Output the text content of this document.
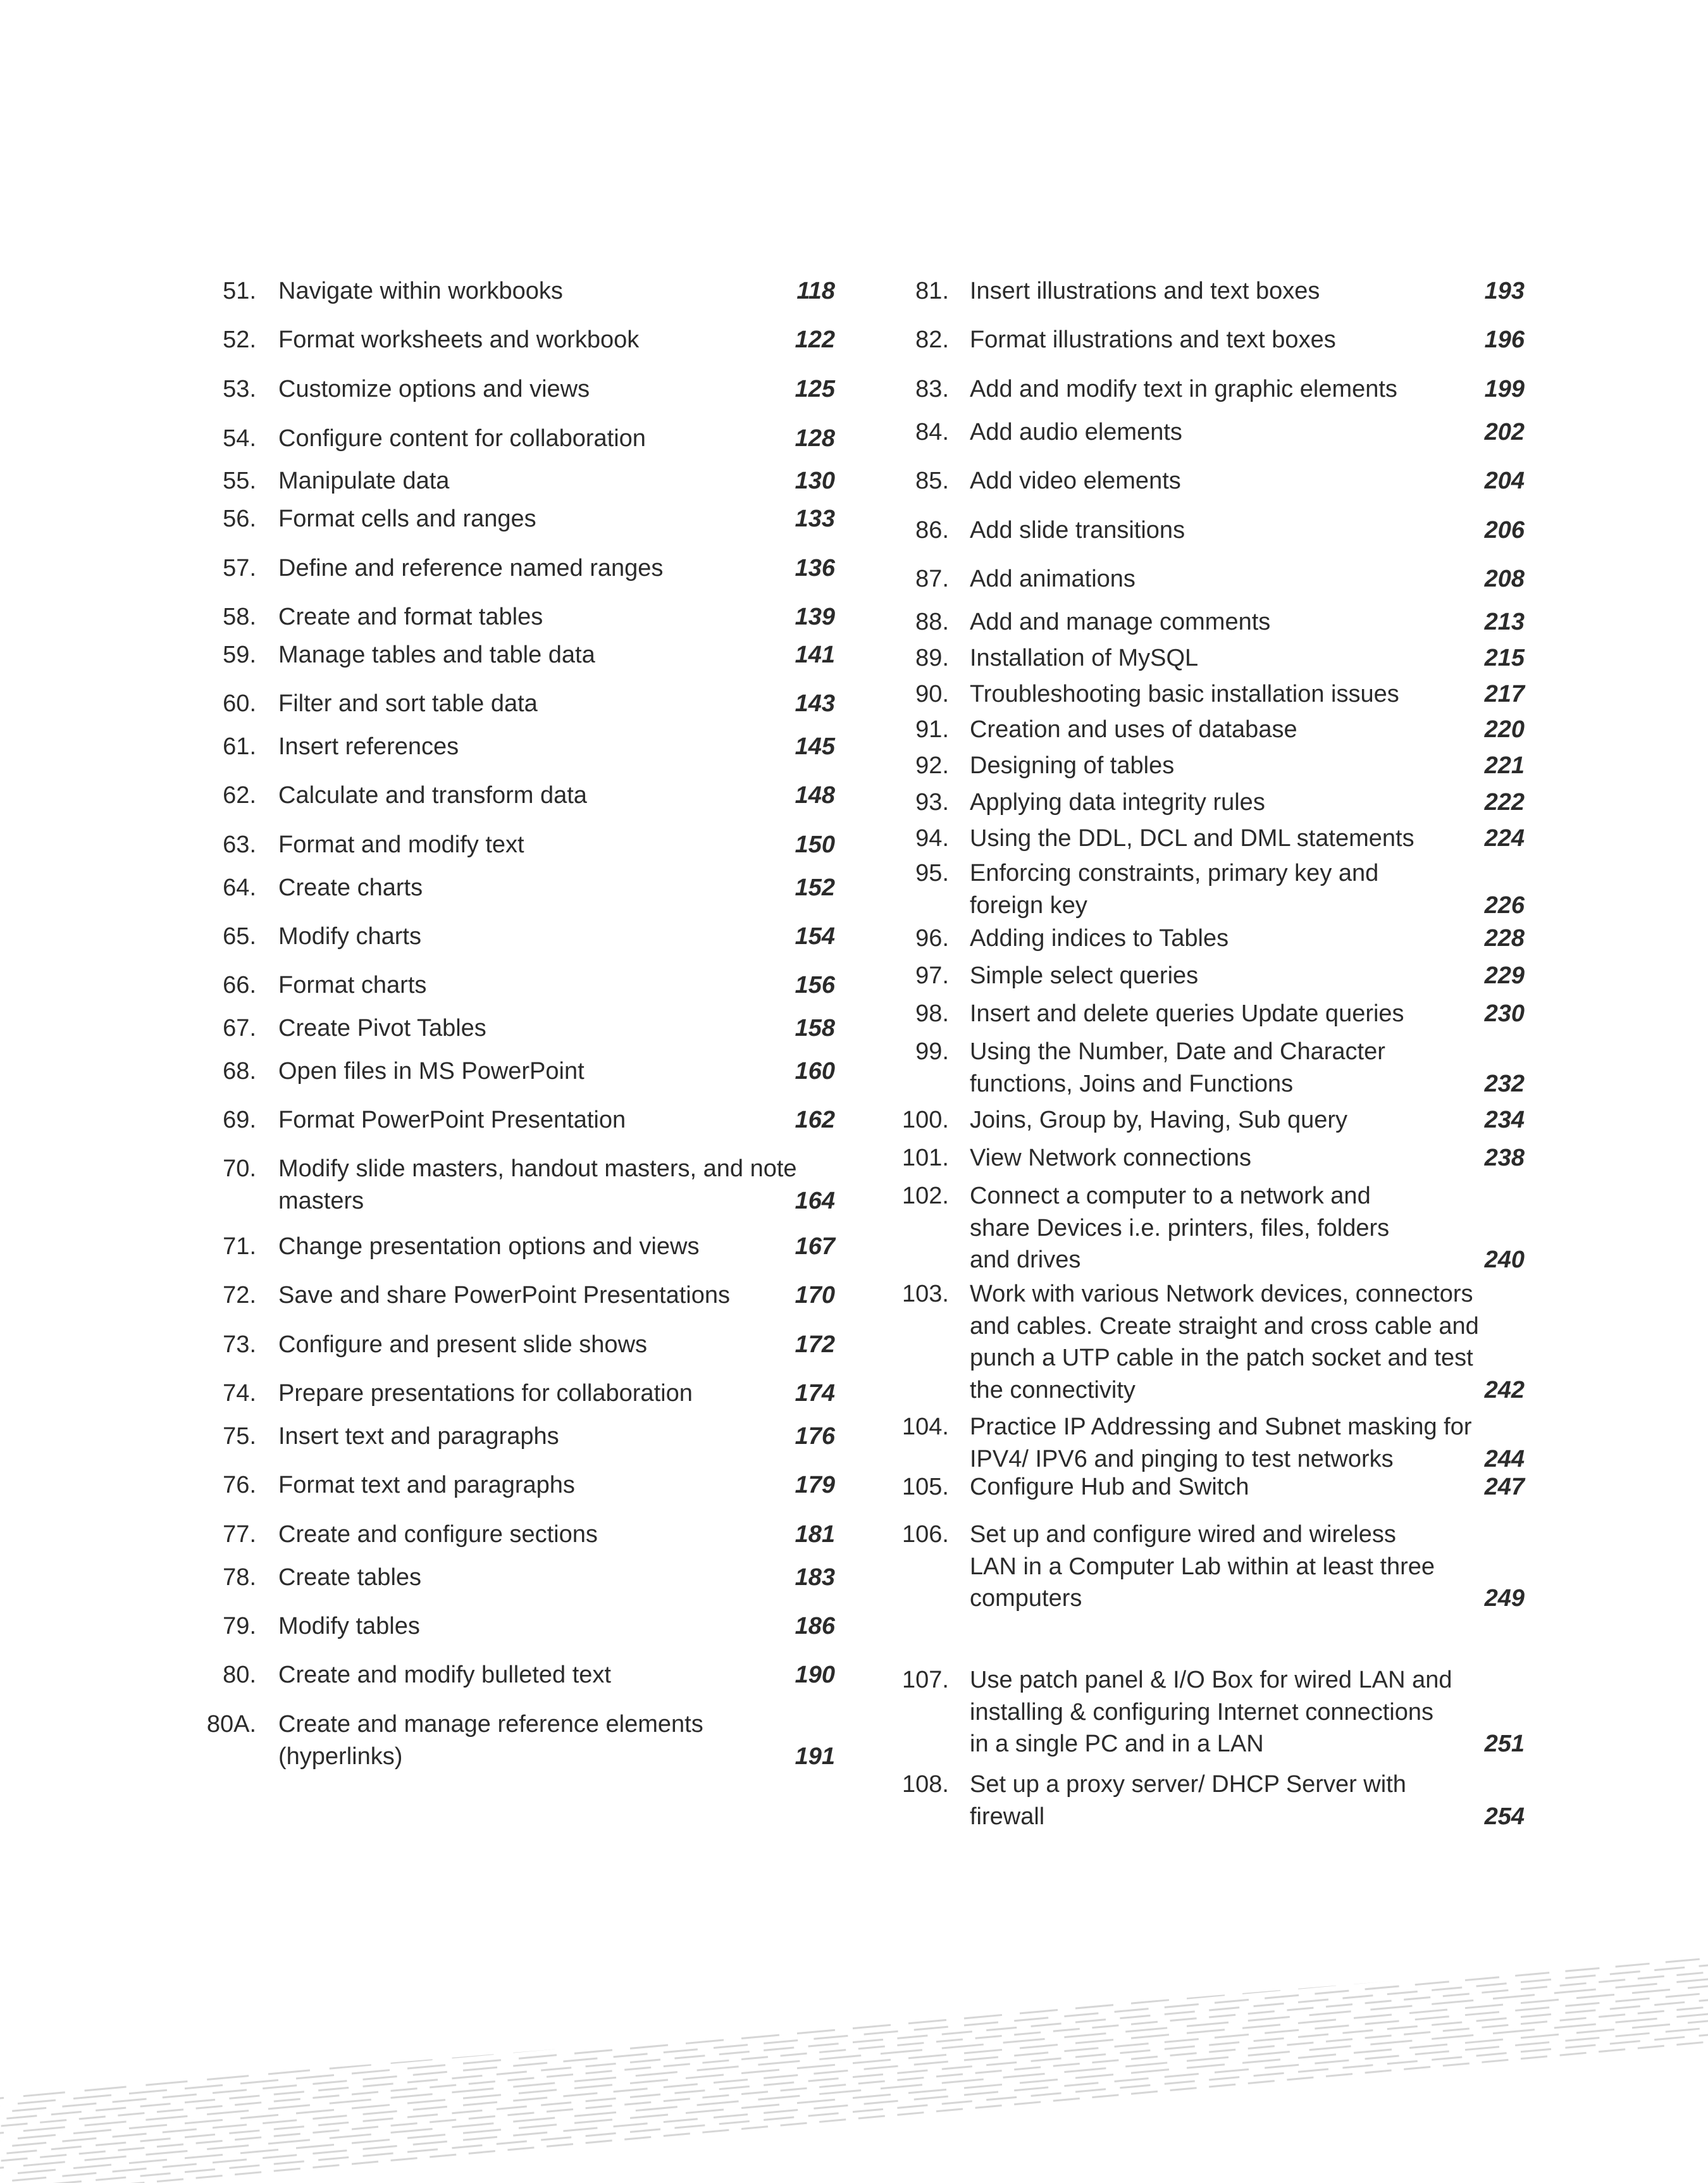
51. Navigate within workbooks	118
52. Format worksheets and workbook	122
53. Customize options and views	125
54. Configure content for collaboration	128
55. Manipulate data	130
56. Format cells and ranges	133
57. Define and reference named ranges	136
58. Create and format tables	139
59. Manage tables and table data	141
60. Filter and sort table data	143
61. Insert references	145
62. Calculate and transform data	148
63. Format and modify text	150
64. Create charts	152
65. Modify charts	154
66. Format charts	156
67. Create Pivot Tables	158
68. Open files in MS PowerPoint	160
69. Format PowerPoint Presentation	162
70. Modify slide masters, handout masters, and note
masters	164
71. Change presentation options and views	167
72. Save and share PowerPoint Presentations	170
73. Configure and present slide shows	172
74. Prepare presentations for collaboration	174
75. Insert text and paragraphs	176
76. Format text and paragraphs	179
77. Create and configure sections	181
78. Create tables	183
79. Modify tables	186
80. Create and modify bulleted text	190
80A. Create and manage reference elements
(hyperlinks)	191
81. Insert illustrations and text boxes	193
82. Format illustrations and text boxes	196
83. Add and modify text in graphic elements	199
84. Add audio elements	202
85. Add video elements	204
86. Add slide transitions	206
87. Add animations	208
88. Add and manage comments	213
89. Installation of MySQL	215
90. Troubleshooting basic installation issues	217
91. Creation and uses of database	220
92. Designing of tables	221
93. Applying data integrity rules	222
94. Using the DDL, DCL and DML statements	224
95. Enforcing constraints, primary key and
foreign key	226
96. Adding indices to Tables	228
97. Simple select queries	229
98. Insert and delete queries Update queries	230
99. Using the Number, Date and Character
functions, Joins and Functions	232
100. Joins, Group by, Having, Sub query	234
101. View Network connections	238
102. Connect a computer to a network and
share Devices i.e. printers, files, folders
and drives	240
103. Work with various Network devices, connectors
and cables. Create straight and cross cable and
punch a UTP cable in the patch socket and test
the connectivity	242
104. Practice IP Addressing and Subnet masking for
IPV4/ IPV6 and pinging to test networks	244
105. Configure Hub and Switch	247
106. Set up and configure wired and wireless
LAN in a Computer Lab within at least three
computers	249
107. Use patch panel & I/O Box for wired LAN and
installing & configuring Internet connections
in a single PC and in a LAN	251
108. Set up a proxy server/ DHCP Server with
firewall	254
